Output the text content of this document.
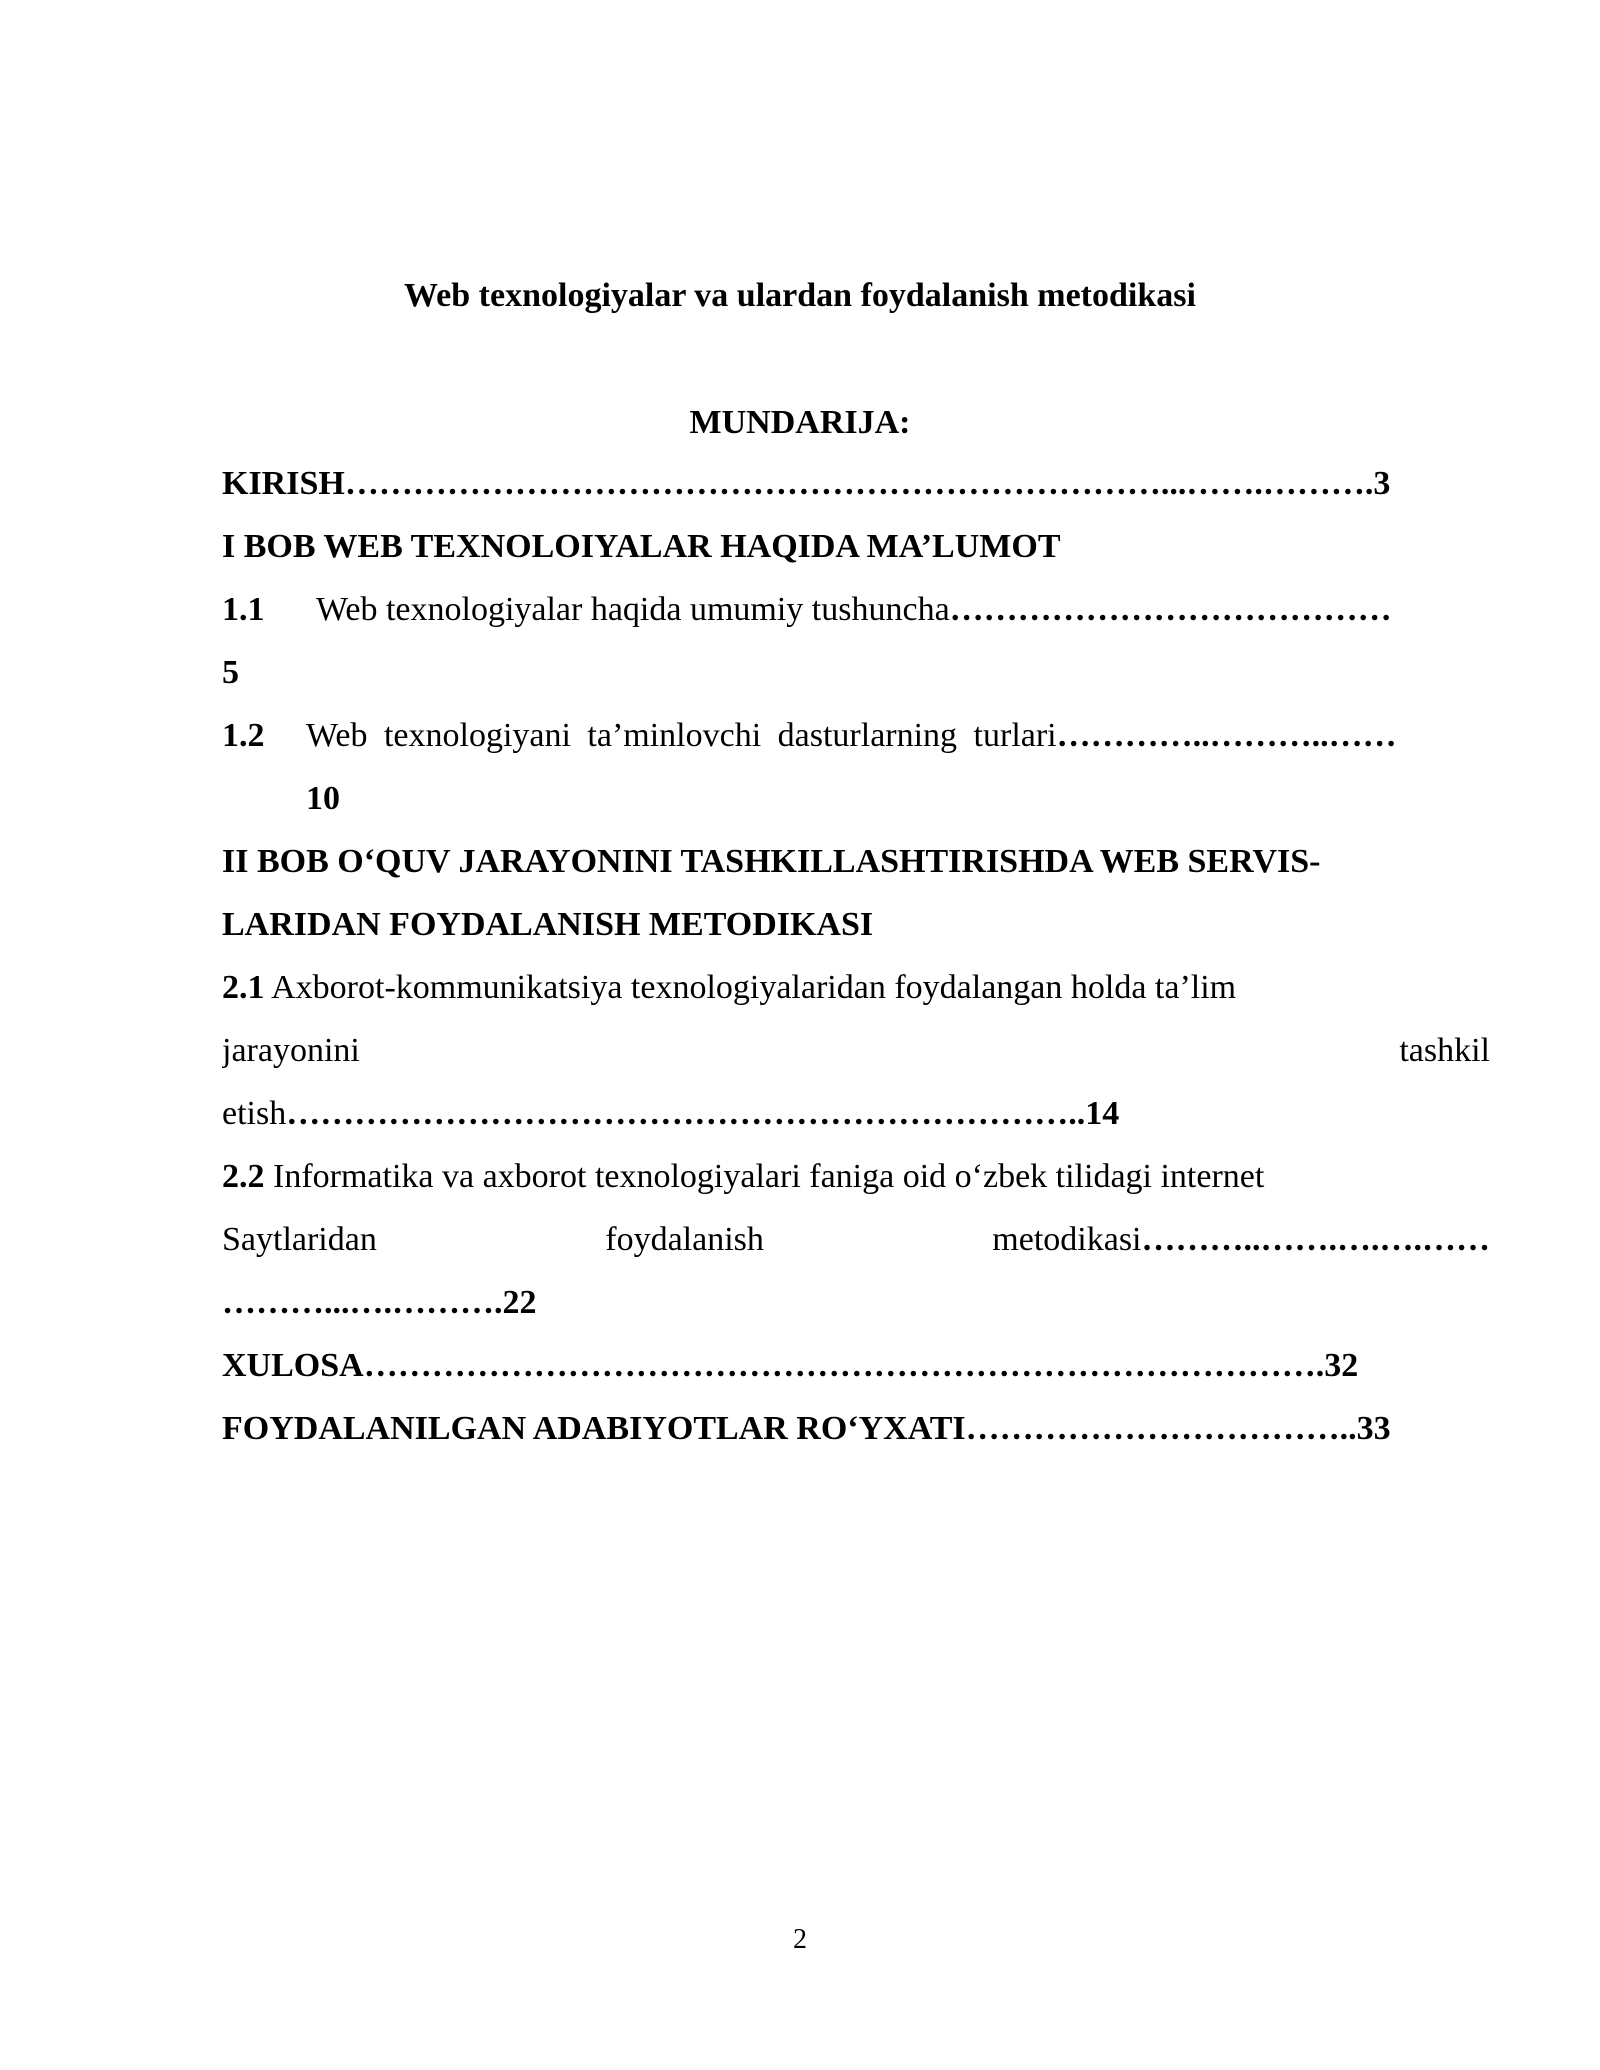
Web texnologiyalar va ulardan foydalanish metodikasi
MUNDARIJA:
KIRISH………………………………………………………………...…….……….3
I BOB WEB TEXNOLOIYALAR HAQIDA MA’LUMOT
1.1 Web texnologiyalar haqida umumiy tushuncha…………………………………
5
1.2 Web texnologiyani ta’minlovchi dasturlarning turlari…………..………..……
10
II BOB O‘QUV JARAYONINI TASHKILLASHTIRISHDA WEB SERVIS-
LARIDAN FOYDALANISH METODIKASI
2.1 Axborot-kommunikatsiya texnologiyalaridan foydalangan holda ta’lim
jarayonini	tashkil
etish……………………………………………………………..14
2.2 Informatika va axborot texnologiyalari faniga oid o‘zbek tilidagi internet
Saytlaridan	foydalanish	metodikasi………..…….….….……
………...….……….22
XULOSA………………………………………………………………………….32
FOYDALANILGAN ADABIYOTLAR RO‘YXATI……………………………..33
2
